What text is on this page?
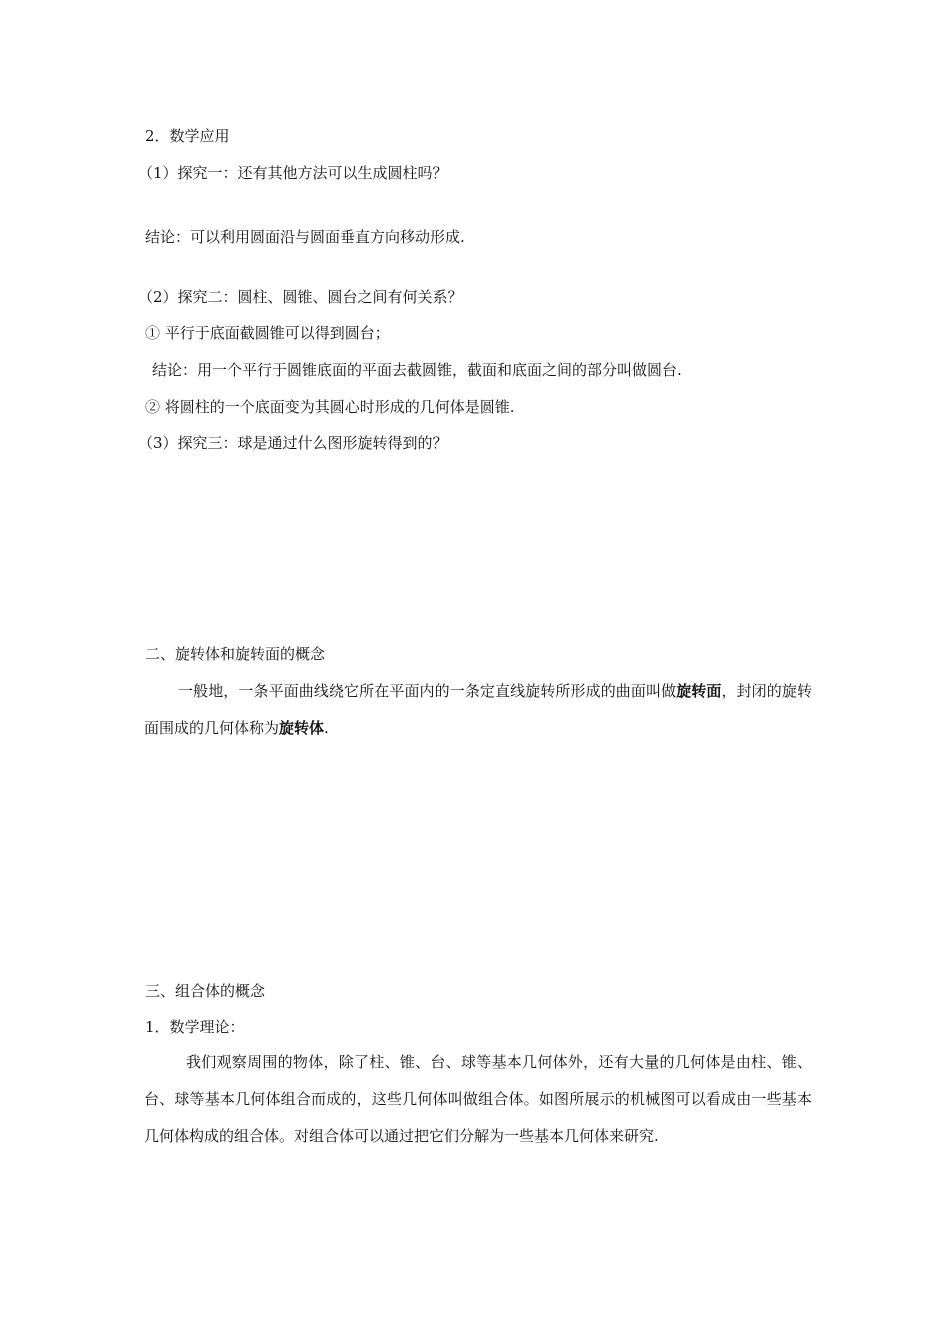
2．数学应用
（1）探究一：还有其他方法可以生成圆柱吗？
结论：可以利用圆面沿与圆面垂直方向移动形成.
（2）探究二：圆柱、圆锥、圆台之间有何关系？
① 平行于底面截圆锥可以得到圆台；
结论：用一个平行于圆锥底面的平面去截圆锥，截面和底面之间的部分叫做圆台.
② 将圆柱的一个底面变为其圆心时形成的几何体是圆锥.
（3）探究三：球是通过什么图形旋转得到的？
二、旋转体和旋转面的概念
一般地，一条平面曲线绕它所在平面内的一条定直线旋转所形成的曲面叫做旋转面，封闭的旋转面围成的几何体称为旋转体.
三、组合体的概念
1．数学理论：
我们观察周围的物体，除了柱、锥、台、球等基本几何体外，还有大量的几何体是由柱、锥、台、球等基本几何体组合而成的，这些几何体叫做组合体。如图所展示的机械图可以看成由一些基本几何体构成的组合体。对组合体可以通过把它们分解为一些基本几何体来研究.
